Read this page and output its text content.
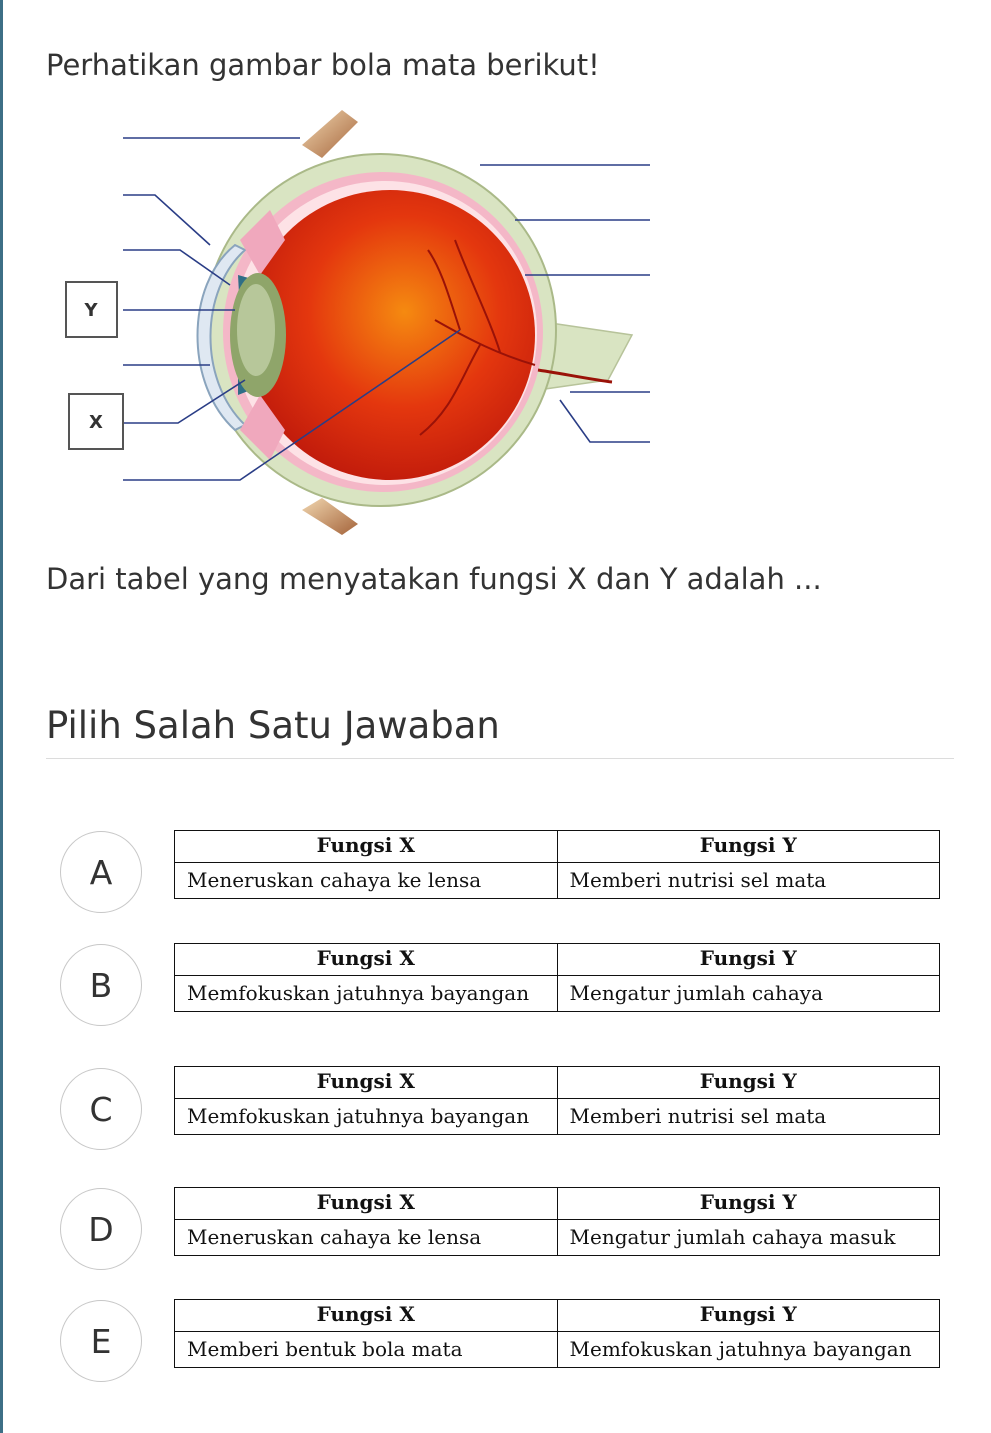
Perhatikan gambar bola mata berikut!
Y
X
Dari tabel yang menyatakan fungsi X dan Y adalah ...
Pilih Salah Satu Jawaban
A
Fungsi X	Fungsi Y
Meneruskan cahaya ke lensa	Memberi nutrisi sel mata
B
Fungsi X	Fungsi Y
Memfokuskan jatuhnya bayangan	Mengatur jumlah cahaya
C
Fungsi X	Fungsi Y
Memfokuskan jatuhnya bayangan	Memberi nutrisi sel mata
D
Fungsi X	Fungsi Y
Meneruskan cahaya ke lensa	Mengatur jumlah cahaya masuk
E
Fungsi X	Fungsi Y
Memberi bentuk bola mata	Memfokuskan jatuhnya bayangan
